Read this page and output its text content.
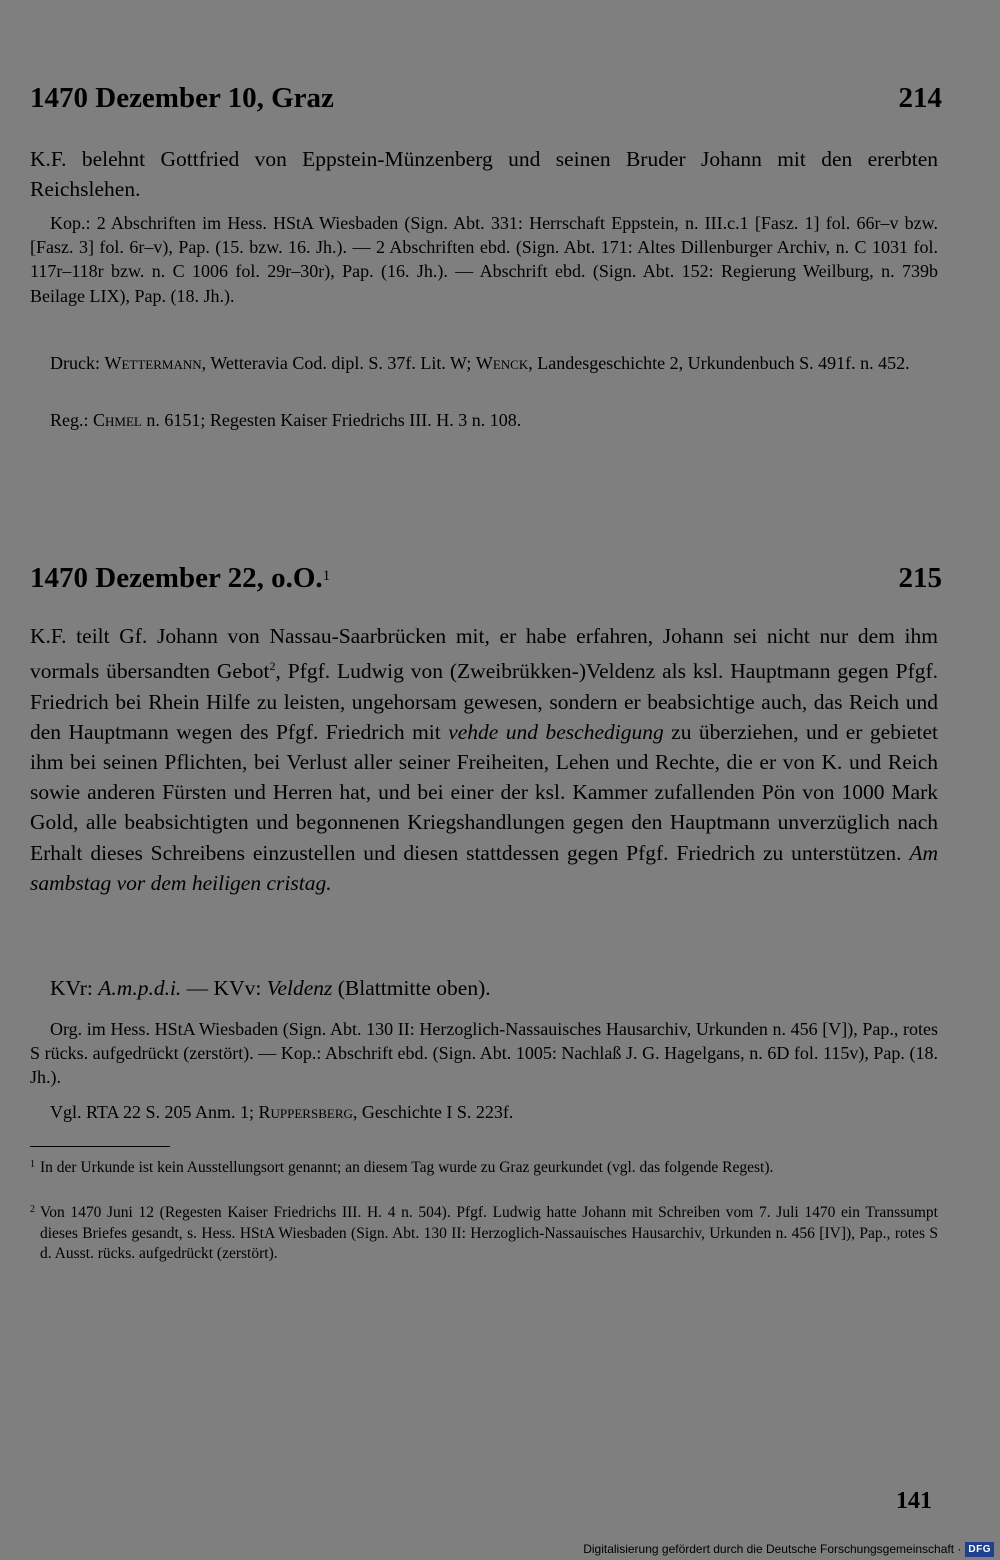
1470 Dezember 10, Graz	214

K.F. belehnt Gottfried von Eppstein-Münzenberg und seinen Bruder Johann mit den ererbten Reichslehen.

Kop.: 2 Abschriften im Hess. HStA Wiesbaden (Sign. Abt. 331: Herrschaft Eppstein, n. III.c.1 [Fasz. 1] fol. 66r–v bzw. [Fasz. 3] fol. 6r–v), Pap. (15. bzw. 16. Jh.). — 2 Abschriften ebd. (Sign. Abt. 171: Altes Dillenburger Archiv, n. C 1031 fol. 117r–118r bzw. n. C 1006 fol. 29r–30r), Pap. (16. Jh.). — Abschrift ebd. (Sign. Abt. 152: Regierung Weilburg, n. 739b Beilage LIX), Pap. (18. Jh.).

Druck: Wettermann, Wetteravia Cod. dipl. S. 37f. Lit. W; Wenck, Landesgeschichte 2, Urkundenbuch S. 491f. n. 452.

Reg.: Chmel n. 6151; Regesten Kaiser Friedrichs III. H. 3 n. 108.

1470 Dezember 22, o.O.$^1$	215

K.F. teilt Gf. Johann von Nassau-Saarbrücken mit, er habe erfahren, Johann sei nicht nur dem ihm vormals übersandten Gebot$^2$, Pfgf. Ludwig von (Zweibrükken-)Veldenz als ksl. Hauptmann gegen Pfgf. Friedrich bei Rhein Hilfe zu leisten, ungehorsam gewesen, sondern er beabsichtige auch, das Reich und den Hauptmann wegen des Pfgf. Friedrich mit vehde und beschedigung zu überziehen, und er gebietet ihm bei seinen Pflichten, bei Verlust aller seiner Freiheiten, Lehen und Rechte, die er von K. und Reich sowie anderen Fürsten und Herren hat, und bei einer der ksl. Kammer zufallenden Pön von 1000 Mark Gold, alle beabsichtigten und begonnenen Kriegshandlungen gegen den Hauptmann unverzüglich nach Erhalt dieses Schreibens einzustellen und diesen stattdessen gegen Pfgf. Friedrich zu unterstützen. Am sambstag vor dem heiligen cristag.

KVr: A.m.p.d.i. — KVv: Veldenz (Blattmitte oben).

Org. im Hess. HStA Wiesbaden (Sign. Abt. 130 II: Herzoglich-Nassauisches Hausarchiv, Urkunden n. 456 [V]), Pap., rotes S rücks. aufgedrückt (zerstört). — Kop.: Abschrift ebd. (Sign. Abt. 1005: Nachlaß J. G. Hagelgans, n. 6D fol. 115v), Pap. (18. Jh.).

Vgl. RTA 22 S. 205 Anm. 1; Ruppersberg, Geschichte I S. 223f.

1 In der Urkunde ist kein Ausstellungsort genannt; an diesem Tag wurde zu Graz geurkundet (vgl. das folgende Regest).

2 Von 1470 Juni 12 (Regesten Kaiser Friedrichs III. H. 4 n. 504). Pfgf. Ludwig hatte Johann mit Schreiben vom 7. Juli 1470 ein Transsumpt dieses Briefes gesandt, s. Hess. HStA Wiesbaden (Sign. Abt. 130 II: Herzoglich-Nassauisches Hausarchiv, Urkunden n. 456 [IV]), Pap., rotes S d. Ausst. rücks. aufgedrückt (zerstört).

141
Digitalisierung gefördert durch die Deutsche Forschungsgemeinschaft · DFG
